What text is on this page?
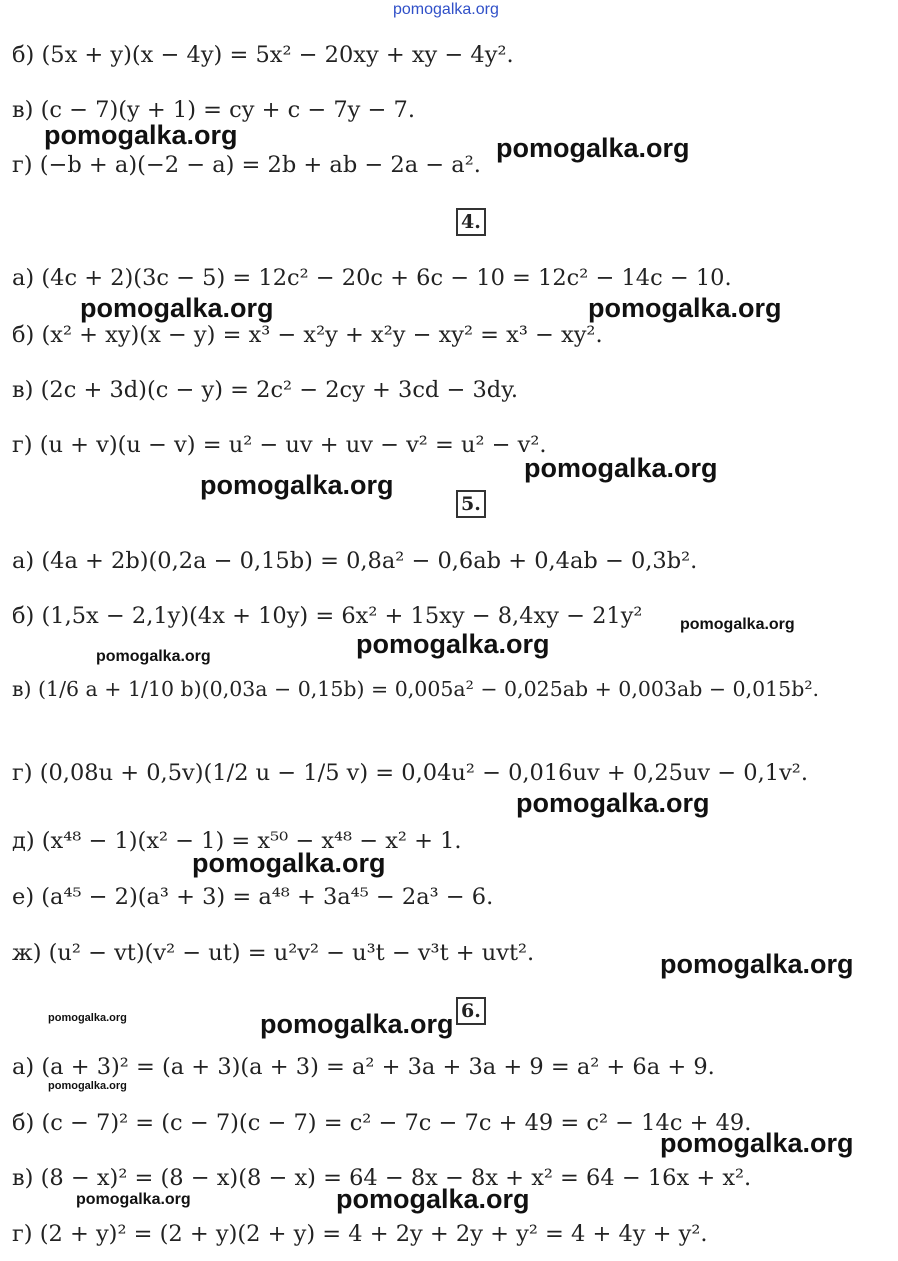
pomogalka.org
б) (5x + y)(x − 4y) = 5x² − 20xy + xy − 4y².
в) (c − 7)(y + 1) = cy + c − 7y − 7.
г) (−b + a)(−2 − a) = 2b + ab − 2a − a².
4.
а) (4c + 2)(3c − 5) = 12c² − 20c + 6c − 10 = 12c² − 14c − 10.
б) (x² + xy)(x − y) = x³ − x²y + x²y − xy² = x³ − xy².
в) (2c + 3d)(c − y) = 2c² − 2cy + 3cd − 3dy.
г) (u + v)(u − v) = u² − uv + uv − v² = u² − v².
5.
а) (4a + 2b)(0,2a − 0,15b) = 0,8a² − 0,6ab + 0,4ab − 0,3b².
б) (1,5x − 2,1y)(4x + 10y) = 6x² + 15xy − 8,4xy − 21y²
в) (1/6 a + 1/10 b)(0,03a − 0,15b) = 0,005a² − 0,025ab + 0,003ab − 0,015b².
г) (0,08u + 0,5v)(1/2 u − 1/5 v) = 0,04u² − 0,016uv + 0,25uv − 0,1v².
д) (x⁴⁸ − 1)(x² − 1) = x⁵⁰ − x⁴⁸ − x² + 1.
е) (a⁴⁵ − 2)(a³ + 3) = a⁴⁸ + 3a⁴⁵ − 2a³ − 6.
ж) (u² − vt)(v² − ut) = u²v² − u³t − v³t + uvt².
6.
а) (a + 3)² = (a + 3)(a + 3) = a² + 3a + 3a + 9 = a² + 6a + 9.
б) (c − 7)² = (c − 7)(c − 7) = c² − 7c − 7c + 49 = c² − 14c + 49.
в) (8 − x)² = (8 − x)(8 − x) = 64 − 8x − 8x + x² = 64 − 16x + x².
г) (2 + y)² = (2 + y)(2 + y) = 4 + 2y + 2y + y² = 4 + 4y + y².
pomogalka.org	pomogalka.org
pomogalka.org	pomogalka.org
pomogalka.org
pomogalka.org
pomogalka.org
pomogalka.org
pomogalka.org
pomogalka.org
pomogalka.org
pomogalka.org
pomogalka.org	pomogalka.org
pomogalka.org
pomogalka.org
pomogalka.org	pomogalka.org
